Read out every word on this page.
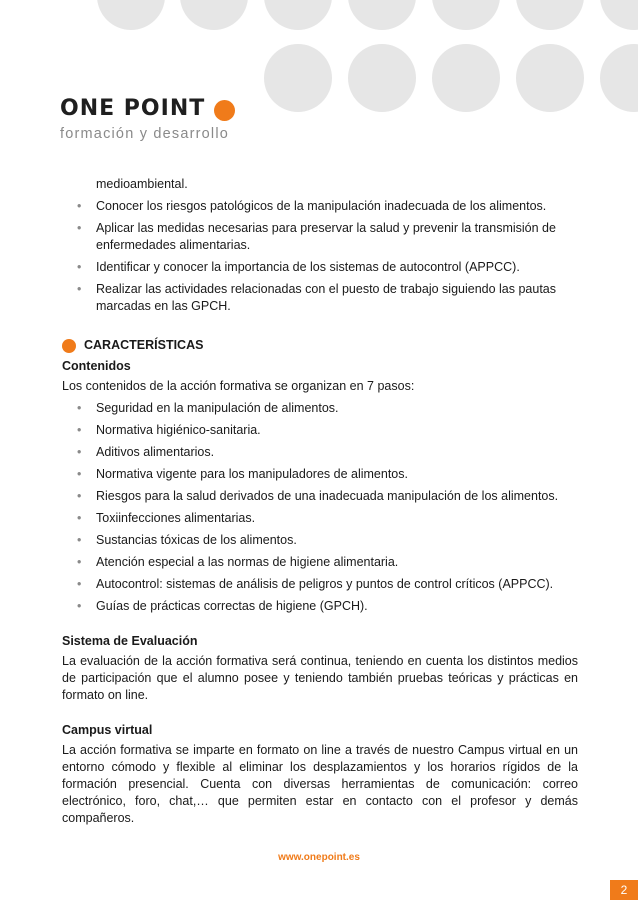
ONE POINT
formación y desarrollo
medioambiental.
• Conocer los riesgos patológicos de la manipulación inadecuada de los alimentos.
• Aplicar las medidas necesarias para preservar la salud y prevenir la transmisión de enfermedades alimentarias.
• Identificar y conocer la importancia de los sistemas de autocontrol (APPCC).
• Realizar las actividades relacionadas con el puesto de trabajo siguiendo las pautas marcadas en las GPCH.
CARACTERÍSTICAS
Contenidos

Los contenidos de la acción formativa se organizan en 7 pasos:

• Seguridad en la manipulación de alimentos.
• Normativa higiénico-sanitaria.
• Aditivos alimentarios.
• Normativa vigente para los manipuladores de alimentos.
• Riesgos para la salud derivados de una inadecuada manipulación de los alimentos.
• Toxiinfecciones alimentarias.
• Sustancias tóxicas de los alimentos.
• Atención especial a las normas de higiene alimentaria.
• Autocontrol: sistemas de análisis de peligros y puntos de control críticos (APPCC).
• Guías de prácticas correctas de higiene (GPCH).
Sistema de Evaluación

La evaluación de la acción formativa será continua, teniendo en cuenta los distintos medios de participación que el alumno posee y teniendo también pruebas teóricas y prácticas en formato on line.

Campus virtual

La acción formativa se imparte en formato on line a través de nuestro Campus virtual en un entorno cómodo y flexible al eliminar los desplazamientos y los horarios rígidos de la formación presencial. Cuenta con diversas herramientas de comunicación: correo electrónico, foro, chat,… que permiten estar en contacto con el profesor y demás compañeros.

www.onepoint.es
2
